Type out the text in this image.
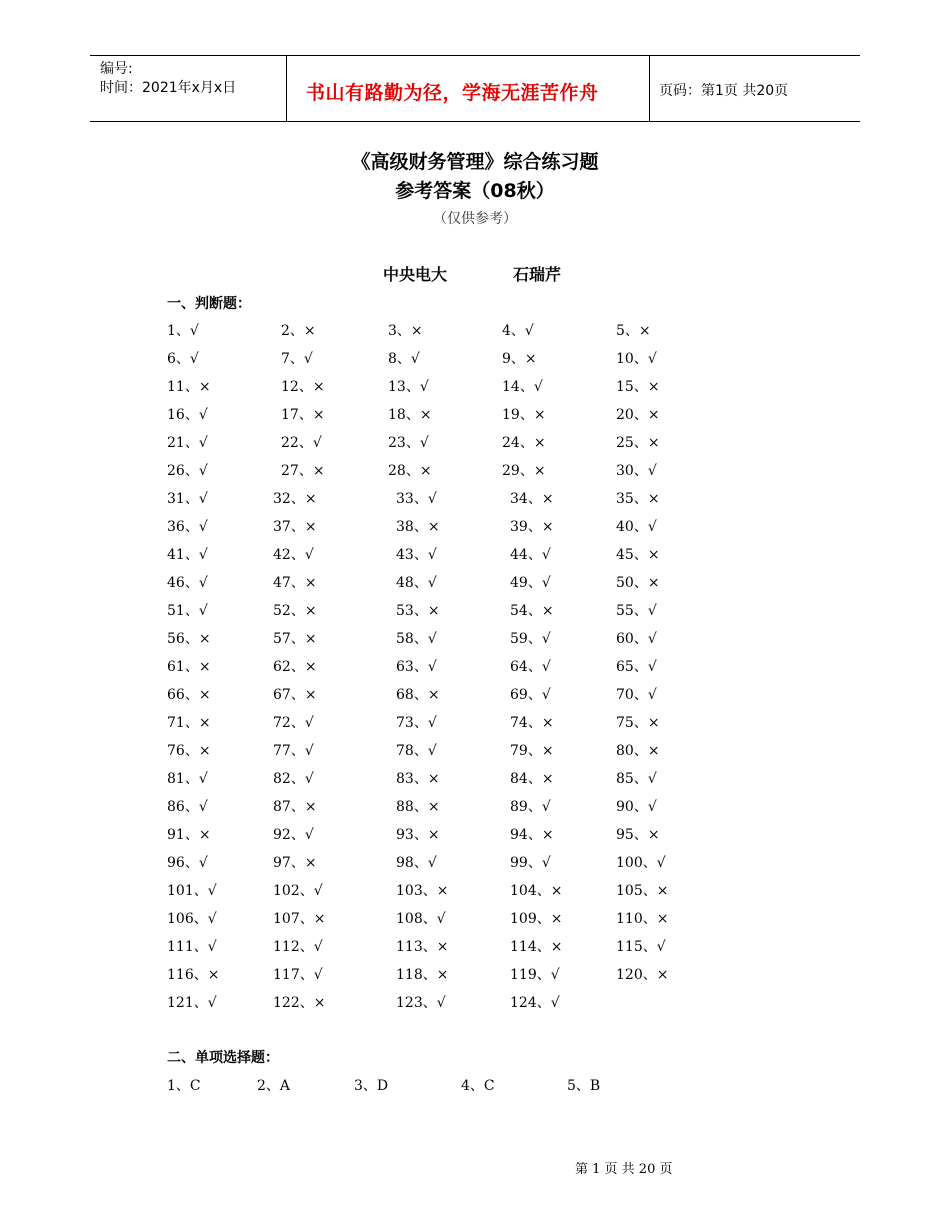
编号:
时间：2021年x月x日	书山有路勤为径，学海无涯苦作舟	页码：第1页 共20页
《高级财务管理》综合练习题
参考答案（08秋）
（仅供参考）
中央电大	石瑞芹
一、判断题：
1、√	2、×	3、×	4、√	5、×
6、√	7、√	8、√	9、×	10、√
11、×	12、×	13、√	14、√	15、×
16、√	17、×	18、×	19、×	20、×
21、√	22、√	23、√	24、×	25、×
26、√	27、×	28、×	29、×	30、√
31、√	32、×	33、√	34、×	35、×
36、√	37、×	38、×	39、×	40、√
41、√	42、√	43、√	44、√	45、×
46、√	47、×	48、√	49、√	50、×
51、√	52、×	53、×	54、×	55、√
56、×	57、×	58、√	59、√	60、√
61、×	62、×	63、√	64、√	65、√
66、×	67、×	68、×	69、√	70、√
71、×	72、√	73、√	74、×	75、×
76、×	77、√	78、√	79、×	80、×
81、√	82、√	83、×	84、×	85、√
86、√	87、×	88、×	89、√	90、√
91、×	92、√	93、×	94、×	95、×
96、√	97、×	98、√	99、√	100、√
101、√	102、√	103、×	104、×	105、×
106、√	107、×	108、√	109、×	110、×
111、√	112、√	113、×	114、×	115、√
116、×	117、√	118、×	119、√	120、×
121、√	122、×	123、√	124、√
二、单项选择题：
1、C	2、A	3、D	4、C	5、B
第 1 页 共 20 页
